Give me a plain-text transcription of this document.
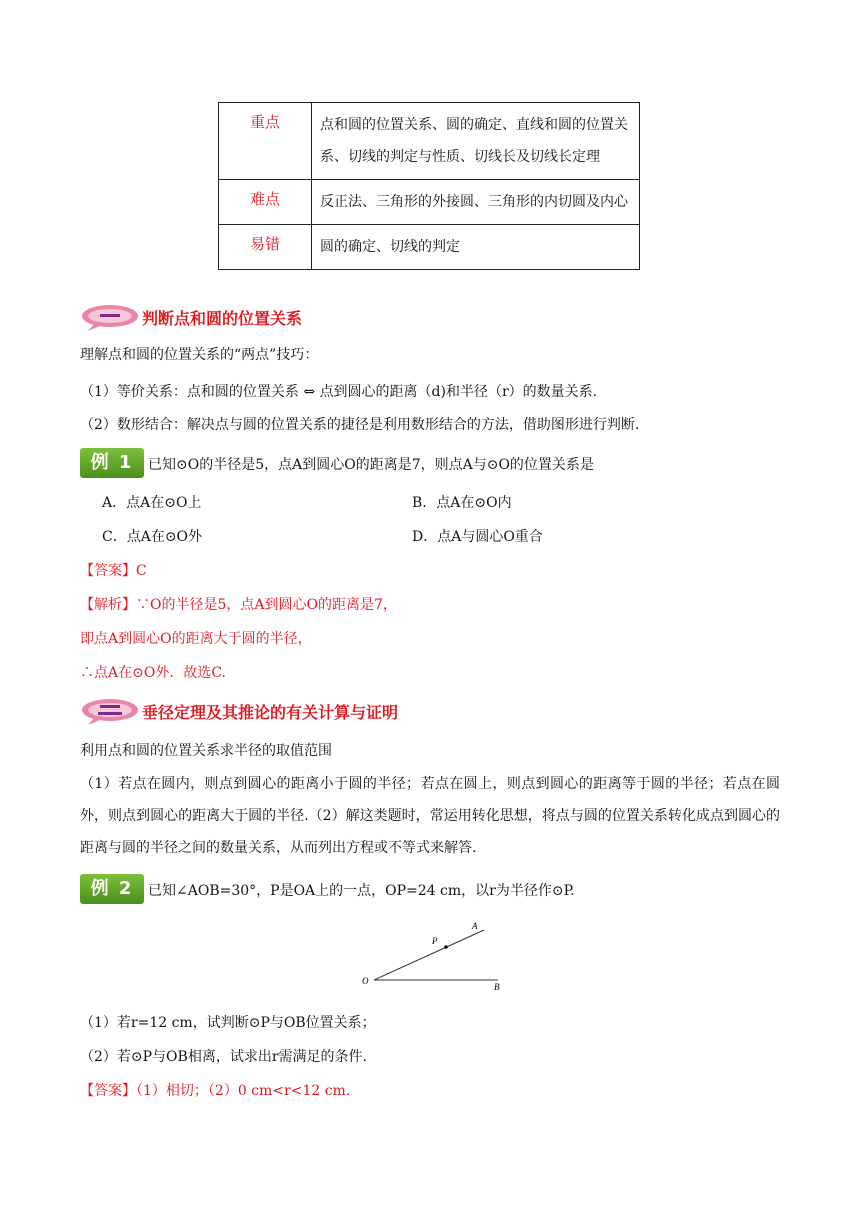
重点	点和圆的位置关系、圆的确定、直线和圆的位置关系、切线的判定与性质、切线长及切线长定理
难点	反正法、三角形的外接圆、三角形的内切圆及内心
易错	圆的确定、切线的判定
判断点和圆的位置关系
理解点和圆的位置关系的“两点”技巧：
（1）等价关系：点和圆的位置关系 ⇔ 点到圆心的距离（d)和半径（r）的数量关系.
（2）数形结合：解决点与圆的位置关系的捷径是利用数形结合的方法，借助图形进行判断.
例 1	已知⊙O的半径是5，点A到圆心O的距离是7，则点A与⊙O的位置关系是
A．点A在⊙O上	B．点A在⊙O内
C．点A在⊙O外	D．点A与圆心O重合
【答案】C
【解析】∵O的半径是5，点A到圆心O的距离是7，
即点A到圆心O的距离大于圆的半径，
∴点A在⊙O外．故选C.
垂径定理及其推论的有关计算与证明
利用点和圆的位置关系求半径的取值范围
（1）若点在圆内，则点到圆心的距离小于圆的半径；若点在圆上，则点到圆心的距离等于圆的半径；若点在圆外，则点到圆心的距离大于圆的半径.（2）解这类题时，常运用转化思想，将点与圆的位置关系转化成点到圆心的距离与圆的半径之间的数量关系，从而列出方程或不等式来解答.
例 2	已知∠AOB=30°，P是OA上的一点，OP=24 cm，以r为半径作⊙P.
A
P
O
B
（1）若r=12 cm，试判断⊙P与OB位置关系；
（2）若⊙P与OB相离，试求出r需满足的条件.
【答案】（1）相切；（2）0 cm<r<12 cm.
